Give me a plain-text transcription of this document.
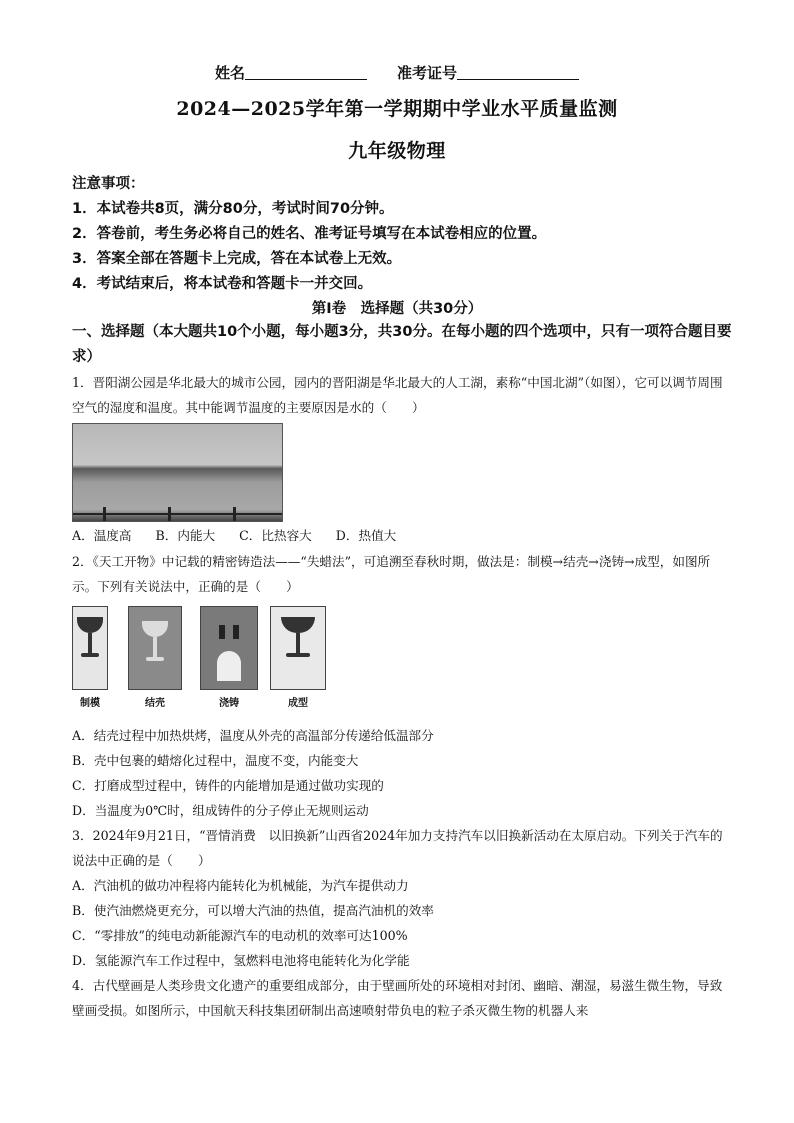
姓名	准考证号
2024—2025学年第一学期期中学业水平质量监测
九年级物理
注意事项：
1．本试卷共8页，满分80分，考试时间70分钟。
2．答卷前，考生务必将自己的姓名、准考证号填写在本试卷相应的位置。
3．答案全部在答题卡上完成，答在本试卷上无效。
4．考试结束后，将本试卷和答题卡一并交回。
第Ⅰ卷　选择题（共30分）
一、选择题（本大题共10个小题，每小题3分，共30分。在每小题的四个选项中，只有一项符合题目要求）
1．晋阳湖公园是华北最大的城市公园，园内的晋阳湖是华北最大的人工湖，素称“中国北湖”（如图），它可以调节周围空气的湿度和温度。其中能调节温度的主要原因是水的（　　）
A．温度高 B．内能大 C．比热容大 D．热值大
2．《天工开物》中记载的精密铸造法——“失蜡法”，可追溯至春秋时期，做法是：制模→结壳→浇铸→成型，如图所示。下列有关说法中，正确的是（　　）
制模	结壳	浇铸	成型
A．结壳过程中加热烘烤，温度从外壳的高温部分传递给低温部分
B．壳中包裹的蜡熔化过程中，温度不变，内能变大
C．打磨成型过程中，铸件的内能增加是通过做功实现的
D．当温度为0℃时，组成铸件的分子停止无规则运动
3．2024年9月21日，“晋情消费　以旧换新”山西省2024年加力支持汽车以旧换新活动在太原启动。下列关于汽车的说法中正确的是（　　）
A．汽油机的做功冲程将内能转化为机械能，为汽车提供动力
B．使汽油燃烧更充分，可以增大汽油的热值，提高汽油机的效率
C．“零排放”的纯电动新能源汽车的电动机的效率可达100%
D．氢能源汽车工作过程中，氢燃料电池将电能转化为化学能
4．古代壁画是人类珍贵文化遗产的重要组成部分，由于壁画所处的环境相对封闭、幽暗、潮湿，易滋生微生物，导致壁画受损。如图所示，中国航天科技集团研制出高速喷射带负电的粒子杀灭微生物的机器人来
